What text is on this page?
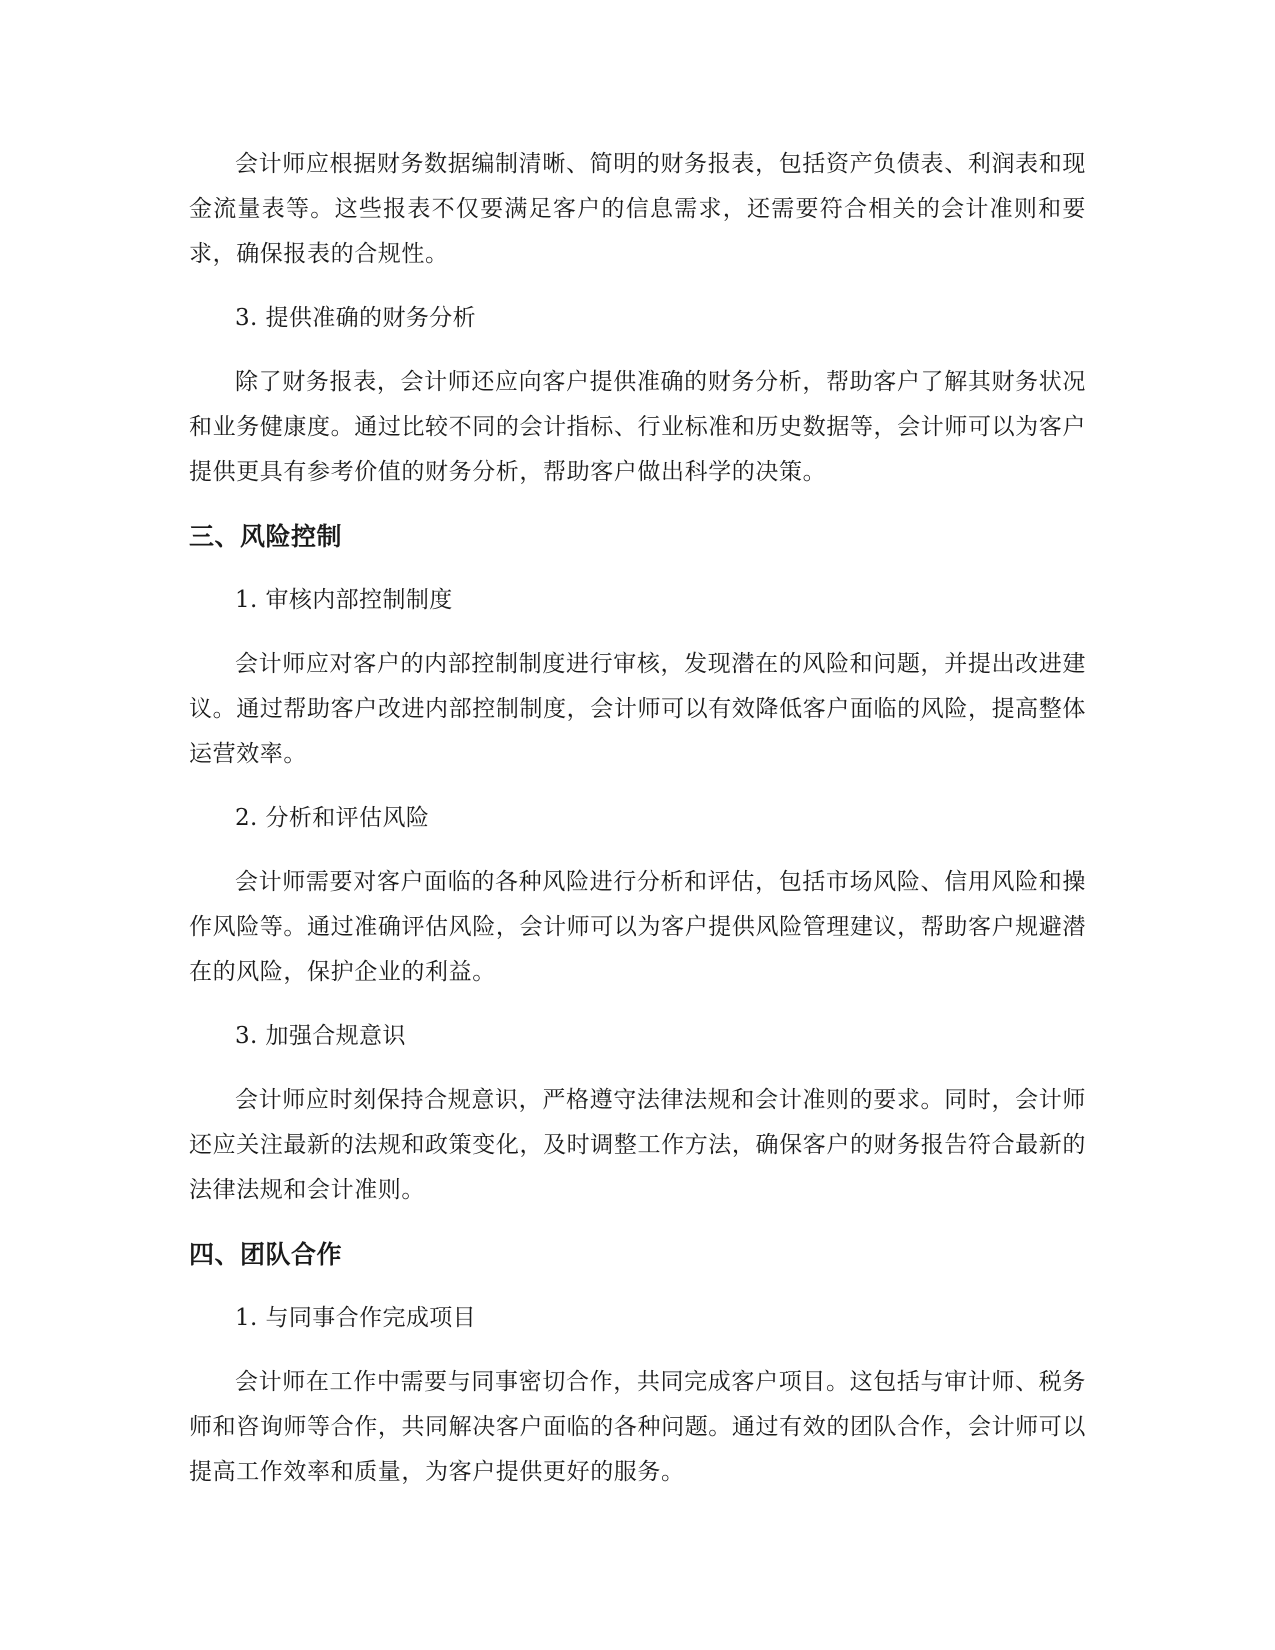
会计师应根据财务数据编制清晰、简明的财务报表，包括资产负债表、利润表和现金流量表等。这些报表不仅要满足客户的信息需求，还需要符合相关的会计准则和要求，确保报表的合规性。

3. 提供准确的财务分析

除了财务报表，会计师还应向客户提供准确的财务分析，帮助客户了解其财务状况和业务健康度。通过比较不同的会计指标、行业标准和历史数据等，会计师可以为客户提供更具有参考价值的财务分析，帮助客户做出科学的决策。

三、风险控制

1. 审核内部控制制度

会计师应对客户的内部控制制度进行审核，发现潜在的风险和问题，并提出改进建议。通过帮助客户改进内部控制制度，会计师可以有效降低客户面临的风险，提高整体运营效率。

2. 分析和评估风险

会计师需要对客户面临的各种风险进行分析和评估，包括市场风险、信用风险和操作风险等。通过准确评估风险，会计师可以为客户提供风险管理建议，帮助客户规避潜在的风险，保护企业的利益。

3. 加强合规意识

会计师应时刻保持合规意识，严格遵守法律法规和会计准则的要求。同时，会计师还应关注最新的法规和政策变化，及时调整工作方法，确保客户的财务报告符合最新的法律法规和会计准则。

四、团队合作

1. 与同事合作完成项目

会计师在工作中需要与同事密切合作，共同完成客户项目。这包括与审计师、税务师和咨询师等合作，共同解决客户面临的各种问题。通过有效的团队合作，会计师可以提高工作效率和质量，为客户提供更好的服务。
